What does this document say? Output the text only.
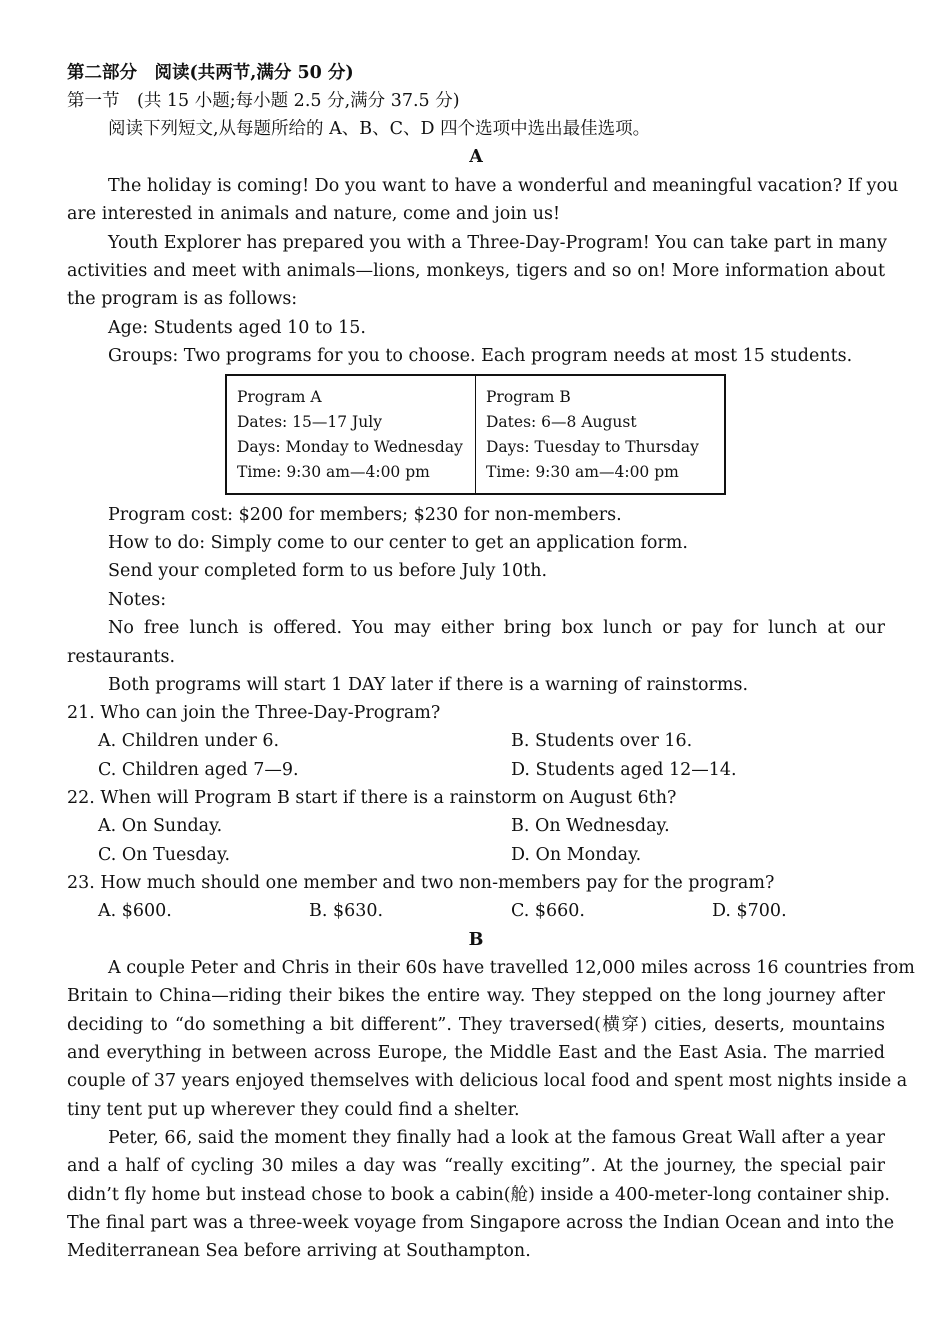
第二部分　阅读(共两节,满分 50 分)
第一节　(共 15 小题;每小题 2.5 分,满分 37.5 分)
阅读下列短文,从每题所给的 A、B、C、D 四个选项中选出最佳选项。
A
The holiday is coming! Do you want to have a wonderful and meaningful vacation? If you
are interested in animals and nature, come and join us!
Youth Explorer has prepared you with a Three-Day-Program! You can take part in many
activities and meet with animals—lions, monkeys, tigers and so on! More information about
the program is as follows:
Age: Students aged 10 to 15.
Groups: Two programs for you to choose. Each program needs at most 15 students.
Program A
Dates: 15—17 July
Days: Monday to Wednesday
Time: 9:30 am—4:00 pm

Program B
Dates: 6—8 August
Days: Tuesday to Thursday
Time: 9:30 am—4:00 pm
Program cost: $200 for members; $230 for non-members.
How to do: Simply come to our center to get an application form.
Send your completed form to us before July 10th.
Notes:
No free lunch is offered. You may either bring box lunch or pay for lunch at our
restaurants.
Both programs will start 1 DAY later if there is a warning of rainstorms.
21. Who can join the Three-Day-Program?
A. Children under 6.	B. Students over 16.
C. Children aged 7—9.	D. Students aged 12—14.
22. When will Program B start if there is a rainstorm on August 6th?
A. On Sunday.	B. On Wednesday.
C. On Tuesday.	D. On Monday.
23. How much should one member and two non-members pay for the program?
A. $600.	B. $630.	C. $660.	D. $700.
B
A couple Peter and Chris in their 60s have travelled 12,000 miles across 16 countries from
Britain to China—riding their bikes the entire way. They stepped on the long journey after
deciding to “do something a bit different”. They traversed(横穿) cities, deserts, mountains
and everything in between across Europe, the Middle East and the East Asia. The married
couple of 37 years enjoyed themselves with delicious local food and spent most nights inside a
tiny tent put up wherever they could find a shelter.
Peter, 66, said the moment they finally had a look at the famous Great Wall after a year
and a half of cycling 30 miles a day was “really exciting”. At the journey, the special pair
didn’t fly home but instead chose to book a cabin(舱) inside a 400-meter-long container ship.
The final part was a three-week voyage from Singapore across the Indian Ocean and into the
Mediterranean Sea before arriving at Southampton.
